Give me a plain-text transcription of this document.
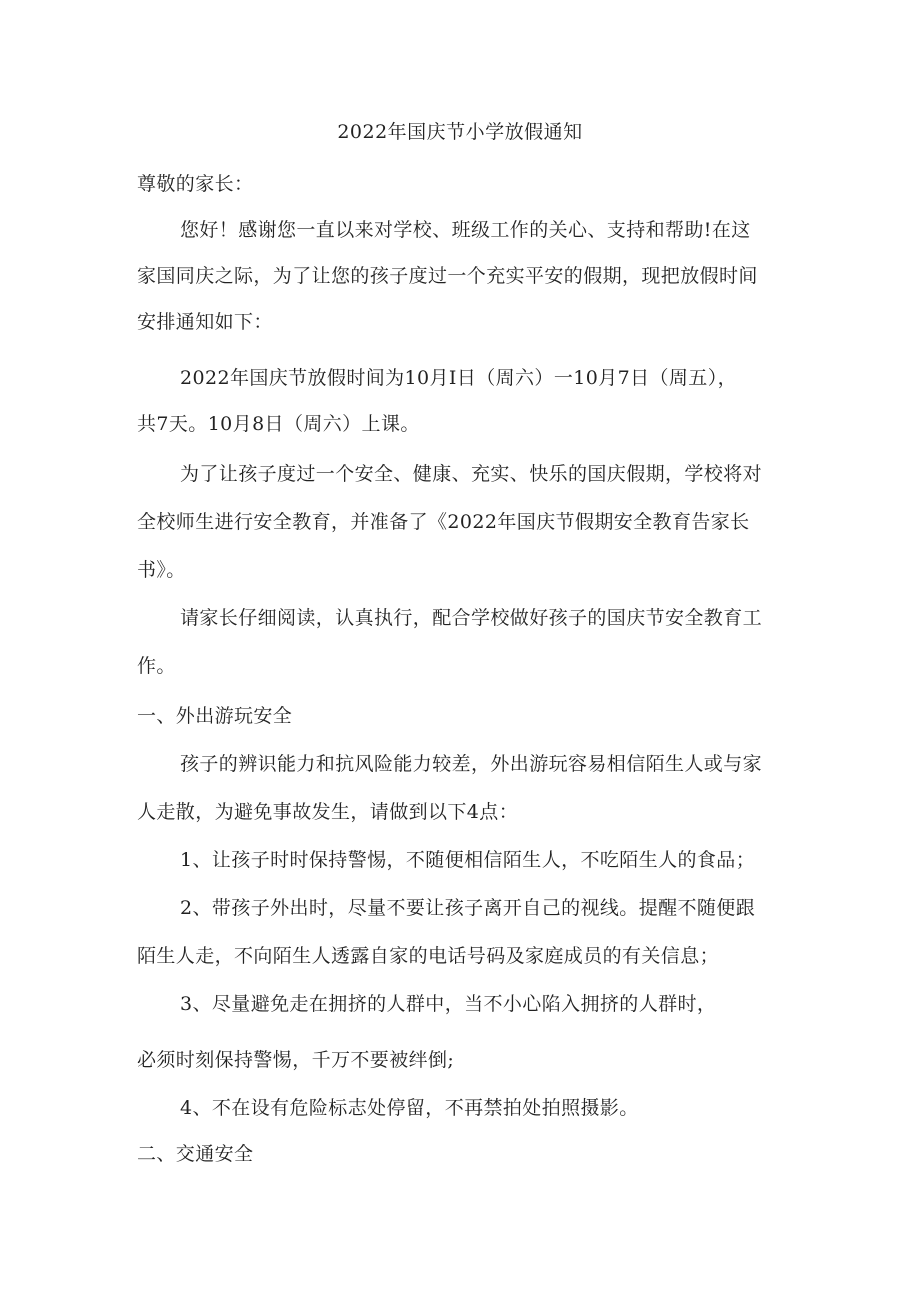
2022年国庆节小学放假通知
尊敬的家长：
您好！感谢您一直以来对学校、班级工作的关心、支持和帮助!在这
家国同庆之际，为了让您的孩子度过一个充实平安的假期，现把放假时间
安排通知如下：
2022年国庆节放假时间为10月I日（周六）一10月7日（周五），
共7天。10月8日（周六）上课。
为了让孩子度过一个安全、健康、充实、快乐的国庆假期，学校将对
全校师生进行安全教育，并准备了《2022年国庆节假期安全教育告家长
书》。
请家长仔细阅读，认真执行，配合学校做好孩子的国庆节安全教育工
作。
一、外出游玩安全
孩子的辨识能力和抗风险能力较差，外出游玩容易相信陌生人或与家
人走散，为避免事故发生，请做到以下4点：
1、让孩子时时保持警惕，不随便相信陌生人，不吃陌生人的食品；
2、带孩子外出时，尽量不要让孩子离开自己的视线。提醒不随便跟
陌生人走，不向陌生人透露自家的电话号码及家庭成员的有关信息；
3、尽量避免走在拥挤的人群中，当不小心陷入拥挤的人群时，
必须时刻保持警惕，千万不要被绊倒;
4、不在设有危险标志处停留，不再禁拍处拍照摄影。
二、交通安全
